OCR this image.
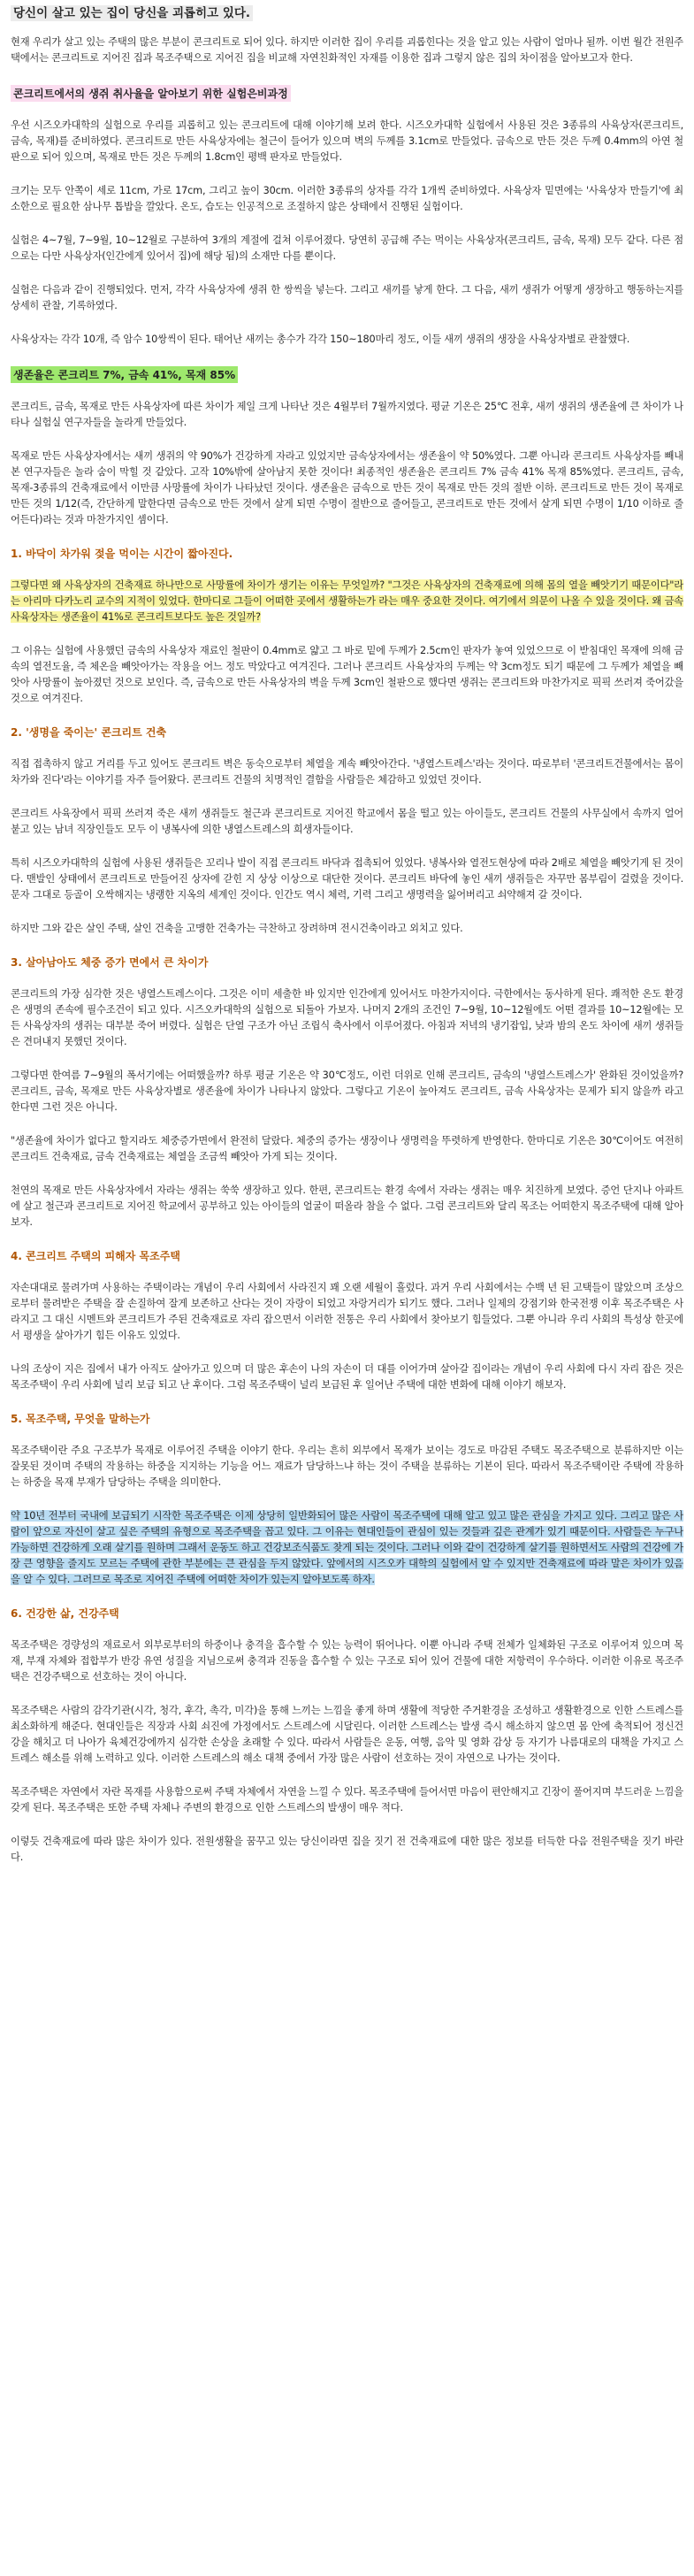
당신이 살고 있는 집이 당신을 괴롭히고 있다.

현재 우리가 살고 있는 주택의 많은 부분이 콘크리트로 되어 있다. 하지만 이러한 집이 우리를 괴롭힌다는 것을 알고 있는 사람이 얼마나 될까. 이번 월간 전원주택에서는 콘크리트로 지어진 집과 목조주택으로 지어진 집을 비교해 자연친화적인 자재를 이용한 집과 그렇지 않은 집의 차이점을 알아보고자 한다.

콘크리트에서의 생쥐 취사율을 알아보기 위한 실험은비과정

우선 시즈오카대학의 실험으로 우리를 괴롭히고 있는 콘크리트에 대해 이야기해 보려 한다. 시즈오카대학 실험에서 사용된 것은 3종류의 사육상자(콘크리트, 금속, 목재)를 준비하였다. 콘크리트로 만든 사육상자에는 철근이 들어가 있으며 벽의 두께를 3.1cm로 만들었다. 금속으로 만든 것은 두께 0.4mm의 아연 철판으로 되어 있으며, 목재로 만든 것은 두께의 1.8cm인 평백 판자로 만들었다.

크기는 모두 안쪽이 세로 11cm, 가로 17cm, 그리고 높이 30cm. 이러한 3종류의 상자를 각각 1개씩 준비하였다. 사육상자 밑면에는 '사육상자 만들기'에 최소한으로 필요한 삼나무 톱밥을 깔았다. 온도, 습도는 인공적으로 조절하지 않은 상태에서 진행된 실험이다.

실험은 4~7월, 7~9월, 10~12월로 구분하여 3개의 계절에 걸쳐 이루어졌다. 당연히 공급해 주는 먹이는 사육상자(콘크리트, 금속, 목재) 모두 같다. 다른 점으로는 다만 사육상자(인간에게 있어서 집)에 해당 됨)의 소재만 다를 뿐이다.

실험은 다음과 같이 진행되었다. 먼저, 각각 사육상자에 생쥐 한 쌍씩을 넣는다. 그리고 새끼를 낳게 한다. 그 다음, 새끼 생쥐가 어떻게 생장하고 행동하는지를 상세히 관찰, 기록하였다.

사육상자는 각각 10개, 즉 암수 10쌍씩이 된다. 태어난 새끼는 총수가 각각 150~180마리 정도, 이들 새끼 생쥐의 생장을 사육상자별로 관찰했다.

생존율은 콘크리트 7%, 금속 41%, 목재 85%

콘크리트, 금속, 목재로 만든 사육상자에 따른 차이가 제일 크게 나타난 것은 4월부터 7월까지였다. 평균 기온은 25℃ 전후, 새끼 생쥐의 생존율에 큰 차이가 나타나 실험실 연구자들을 놀라게 만들었다.

목재로 만든 사육상자에서는 새끼 생쥐의 약 90%가 건강하게 자라고 있었지만 금속상자에서는 생존율이 약 50%였다. 그뿐 아니라 콘크리트 사육상자를 빼내 본 연구자들은 놀라 숨이 막힐 것 같았다. 고작 10%밖에 살아남지 못한 것이다! 최종적인 생존율은 콘크리트 7% 금속 41% 목재 85%였다. 콘크리트, 금속, 목재-3종류의 건축재료에서 이만큼 사망률에 차이가 나타났던 것이다. 생존율은 금속으로 만든 것이 목재로 만든 것의 절반 이하. 콘크리트로 만든 것이 목재로 만든 것의 1/12(즉, 간단하게 말한다면 금속으로 만든 것에서 살게 되면 수명이 절반으로 줄어들고, 콘크리트로 만든 것에서 살게 되면 수명이 1/10 이하로 줄어든다)라는 것과 마찬가지인 셈이다.

1. 바닥이 차가워 젖을 먹이는 시간이 짧아진다.

그렇다면 왜 사육상자의 건축재료 하나만으로 사망률에 차이가 생기는 이유는 무엇일까? "그것은 사육상자의 건축재료에 의해 몸의 열을 빼앗기기 때문이다"라는 아리마 다카노리 교수의 지적이 있었다. 한마디로 그들이 어떠한 곳에서 생활하는가 라는 매우 중요한 것이다. 여기에서 의문이 나올 수 있을 것이다. 왜 금속 사육상자는 생존율이 41%로 콘크리트보다도 높은 것일까?

그 이유는 실험에 사용했던 금속의 사육상자 재료인 철판이 0.4mm로 얇고 그 바로 밑에 두께가 2.5cm인 판자가 놓여 있었으므로 이 받침대인 목재에 의해 금속의 열전도율, 즉 체온을 빼앗아가는 작용을 어느 정도 막았다고 여겨진다. 그러나 콘크리트 사육상자의 두께는 약 3cm정도 되기 때문에 그 두께가 체열을 빼앗아 사망률이 높아졌던 것으로 보인다. 즉, 금속으로 만든 사육상자의 벽을 두께 3cm인 철판으로 했다면 생쥐는 콘크리트와 마찬가지로 픽픽 쓰러져 죽어갔을 것으로 여겨진다.

2. '생명을 죽이는' 콘크리트 건축

직접 접촉하지 않고 거리를 두고 있어도 콘크리트 벽은 동숙으로부터 체열을 계속 빼앗아간다. '냉열스트레스'라는 것이다. 따로부터 '콘크리트건물에서는 몸이 차가와 진다'라는 이야기를 자주 들어왔다. 콘크리트 건물의 치명적인 결함을 사람들은 체감하고 있었던 것이다.

콘크리트 사육장에서 픽픽 쓰러져 죽은 새끼 생쥐들도 철근과 콘크리트로 지어진 학교에서 몸을 떨고 있는 아이들도, 콘크리트 건물의 사무실에서 속까지 얼어붙고 있는 남녀 직장인들도 모두 이 냉복사에 의한 냉열스트레스의 희생자들이다.

특히 시즈오카대학의 실험에 사용된 생쥐들은 꼬리나 발이 직접 콘크리트 바닥과 접촉되어 있었다. 냉복사와 열전도현상에 따라 2배로 체열을 빼앗기게 된 것이다. 맨발인 상태에서 콘크리트로 만들어진 상자에 갇힌 지 상상 이상으로 대단한 것이다. 콘크리트 바닥에 놓인 새끼 생쥐들은 자꾸만 몸부림이 걸렸을 것이다. 문자 그대로 등골이 오싹해지는 냉랭한 지옥의 세계인 것이다. 인간도 역시 체력, 기력 그리고 생명력을 잃어버리고 쇠약해져 갈 것이다.

하지만 그와 같은 살인 주택, 살인 건축을 고맹한 건축가는 극찬하고 장려하며 전시건축이라고 외치고 있다.

3. 살아남아도 체중 증가 면에서 큰 차이가

콘크리트의 가장 심각한 것은 냉열스트레스이다. 그것은 이미 세출한 바 있지만 인간에게 있어서도 마찬가지이다. 극한에서는 동사하게 된다. 쾌적한 온도 환경은 생명의 존속에 필수조건이 되고 있다. 시즈오카대학의 실험으로 되돌아 가보자. 나머지 2개의 조건인 7~9월, 10~12월에도 어떤 결과를 10~12월에는 모든 사육상자의 생쥐는 대부분 죽어 버렸다. 실험은 단열 구조가 아닌 조립식 축사에서 이루어졌다. 아침과 저녁의 냉기잡입, 낮과 밤의 온도 차이에 새끼 생쥐들은 견뎌내지 못했던 것이다.

그렇다면 한여름 7~9월의 폭서기에는 어떠했을까? 하루 평균 기온은 약 30℃정도, 이런 더위로 인해 콘크리트, 금속의 '냉열스트레스가' 완화된 것이었을까? 콘크리트, 금속, 목재로 만든 사육상자별로 생존율에 차이가 나타나지 않았다. 그렇다고 기온이 높아져도 콘크리트, 금속 사육상자는 문제가 되지 않을까 라고 한다면 그런 것은 아니다.

"생존율에 차이가 없다고 할지라도 체중증가면에서 완전히 달랐다. 체중의 증가는 생장이나 생명력을 뚜렷하게 반영한다. 한마디로 기온은 30℃이어도 여전히 콘크리트 건축재료, 금속 건축재료는 체열을 조금씩 빼앗아 가게 되는 것이다.

천연의 목재로 만든 사육상자에서 자라는 생쥐는 쑥쑥 생장하고 있다. 한편, 콘크리트는 환경 속에서 자라는 생쥐는 매우 치진하게 보였다. 증언 단지나 아파트에 살고 철근과 콘크리트로 지어진 학교에서 공부하고 있는 아이들의 얼굴이 떠올라 참을 수 없다. 그럼 콘크리트와 달리 목조는 어떠한지 목조주택에 대해 알아보자.

4. 콘크리트 주택의 피해자 목조주택

자손대대로 물려가며 사용하는 주택이라는 개념이 우리 사회에서 사라진지 꽤 오랜 세월이 흘렀다. 과거 우리 사회에서는 수백 년 된 고택들이 많았으며 조상으로부터 물려받은 주택을 잘 손질하여 잘게 보존하고 산다는 것이 자랑이 되었고 자랑거리가 되기도 했다. 그러나 일제의 강점기와 한국전쟁 이후 목조주택은 사라지고 그 대신 시멘트와 콘크리트가 주된 건축재료로 자리 잡으면서 이러한 전통은 우리 사회에서 찾아보기 힘들었다. 그뿐 아니라 우리 사회의 특성상 한곳에서 평생을 살아가기 힘든 이유도 있었다.

나의 조상이 지은 집에서 내가 아직도 살아가고 있으며 더 많은 후손이 나의 자손이 더 대를 이어가며 살아갈 집이라는 개념이 우리 사회에 다시 자리 잡은 것은 목조주택이 우리 사회에 널리 보급 되고 난 후이다. 그럼 목조주택이 널리 보급된 후 일어난 주택에 대한 변화에 대해 이야기 해보자.

5. 목조주택, 무엇을 말하는가

목조주택이란 주요 구조부가 목재로 이루어진 주택을 이야기 한다. 우리는 흔히 외부에서 목재가 보이는 경도로 마감된 주택도 목조주택으로 분류하지만 이는 잘못된 것이며 주택의 작용하는 하중을 지지하는 기능을 어느 재료가 담당하느냐 하는 것이 주택을 분류하는 기본이 된다. 따라서 목조주택이란 주택에 작용하는 하중을 목재 부재가 담당하는 주택을 의미한다.

약 10년 전부터 국내에 보급되기 시작한 목조주택은 이제 상당히 일반화되어 많은 사람이 목조주택에 대해 알고 있고 많은 관심을 가지고 있다. 그리고 많은 사람이 앞으로 자신이 살고 싶은 주택의 유형으로 목조주택을 꼽고 있다. 그 이유는 현대인들이 관심이 있는 것들과 깊은 관계가 있기 때문이다. 사람들은 누구나 가능하면 건강하게 오래 살기를 원하며 그래서 운동도 하고 건강보조식품도 찾게 되는 것이다. 그러나 이와 같이 건강하게 살기를 원하면서도 사람의 건강에 가장 큰 영향을 줄지도 모르는 주택에 관한 부분에는 큰 관심을 두지 않았다. 앞에서의 시즈오카 대학의 실험에서 알 수 있지만 건축재료에 따라 말은 차이가 있음을 알 수 있다. 그러므로 목조로 지어진 주택에 어떠한 차이가 있는지 알아보도록 하자.

6. 건강한 삶, 건강주택

목조주택은 경량성의 재료로서 외부로부터의 하중이나 충격을 흡수할 수 있는 능력이 뛰어나다. 이뿐 아니라 주택 전체가 일체화된 구조로 이루어져 있으며 목재, 부재 자체와 접합부가 반강 유연 성질을 지님으로써 충격과 진동을 흡수할 수 있는 구조로 되어 있어 건물에 대한 저항력이 우수하다. 이러한 이유로 목조주택은 건강주택으로 선호하는 것이 아니다.

목조주택은 사람의 감각기관(시각, 청각, 후각, 촉각, 미각)을 통해 느끼는 느낌을 좋게 하며 생활에 적당한 주거환경을 조성하고 생활환경으로 인한 스트레스를 최소화하게 해준다. 현대인들은 직장과 사회 쇠진에 가정에서도 스트레스에 시달린다. 이러한 스트레스는 발생 즉시 해소하지 않으면 몸 안에 축적되어 정신건강을 해치고 더 나아가 육체건강에까지 심각한 손상을 초래할 수 있다. 따라서 사람들은 운동, 여행, 음악 및 영화 감상 등 자기가 나름대로의 대책을 가지고 스트레스 해소를 위해 노력하고 있다. 이러한 스트레스의 해소 대책 중에서 가장 많은 사람이 선호하는 것이 자연으로 나가는 것이다.

목조주택은 자연에서 자란 목재를 사용함으로써 주택 자체에서 자연을 느낄 수 있다. 목조주택에 들어서면 마음이 편안해지고 긴장이 풀어지며 부드러운 느낌을 갖게 된다. 목조주택은 또한 주택 자체나 주변의 환경으로 인한 스트레스의 발생이 매우 적다.

이렇듯 건축재료에 따라 많은 차이가 있다. 전원생활을 꿈꾸고 있는 당신이라면 집을 짓기 전 건축재료에 대한 많은 정보를 터득한 다음 전원주택을 짓기 바란다.
